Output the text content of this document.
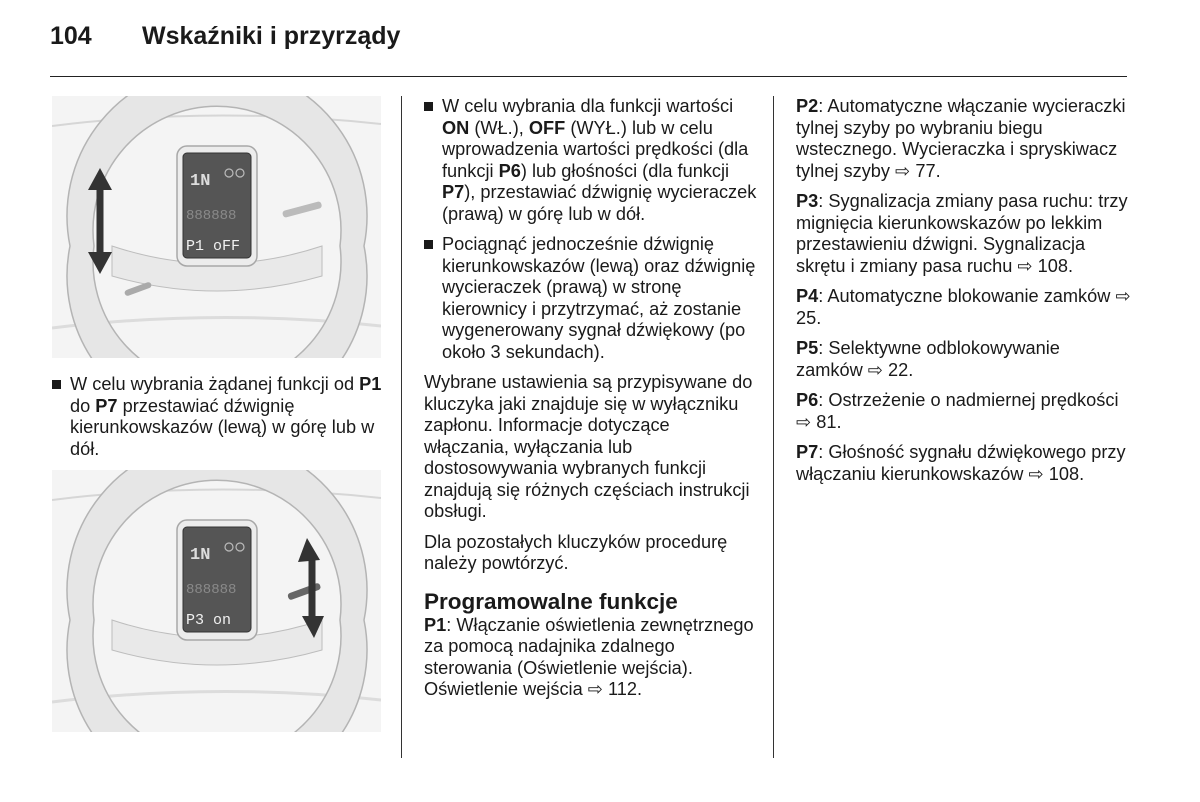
104 Wskaźniki i przyrządy
1N
888888
P1 oFF
W celu wybrania żądanej funkcji od P1 do P7 przestawiać dźwignię kierunkowskazów (lewą) w górę lub w dół.
1N
888888
P3 on
W celu wybrania dla funkcji wartości ON (WŁ.), OFF (WYŁ.) lub w celu wprowadzenia wartości prędkości (dla funkcji P6) lub głośności (dla funkcji P7), przestawiać dźwignię wycieraczek (prawą) w górę lub w dół.
Pociągnąć jednocześnie dźwignię kierunkowskazów (lewą) oraz dźwignię wycieraczek (prawą) w stronę kierownicy i przytrzymać, aż zostanie wygenerowany sygnał dźwiękowy (po około 3 sekundach).

Wybrane ustawienia są przypisywane do kluczyka jaki znajduje się w wyłączniku zapłonu. Informacje dotyczące włączania, wyłączania lub dostosowywania wybranych funkcji znajdują się różnych częściach instrukcji obsługi.

Dla pozostałych kluczyków procedurę należy powtórzyć.

Programowalne funkcje

P1: Włączanie oświetlenia zewnętrznego za pomocą nadajnika zdalnego sterowania (Oświetlenie wejścia). Oświetlenie wejścia ⇨ 112.

P2: Automatyczne włączanie wycieraczki tylnej szyby po wybraniu biegu wstecznego. Wycieraczka i spryskiwacz tylnej szyby ⇨ 77.

P3: Sygnalizacja zmiany pasa ruchu: trzy mignięcia kierunkowskazów po lekkim przestawieniu dźwigni. Sygnalizacja skrętu i zmiany pasa ruchu ⇨ 108.

P4: Automatyczne blokowanie zamków ⇨ 25.

P5: Selektywne odblokowywanie zamków ⇨ 22.

P6: Ostrzeżenie o nadmiernej prędkości ⇨ 81.

P7: Głośność sygnału dźwiękowego przy włączaniu kierunkowskazów ⇨ 108.
